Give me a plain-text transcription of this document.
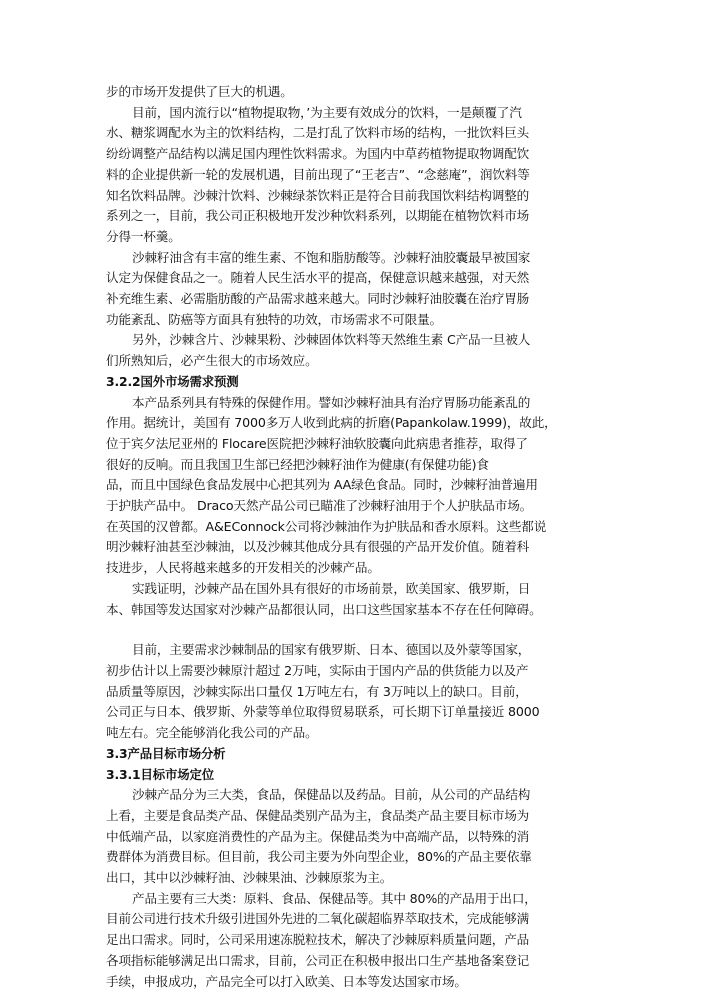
步的市场开发提供了巨大的机遇。
目前，国内流行以“植物提取物，’为主要有效成分的饮料，一是颠覆了汽
水、糖浆调配水为主的饮料结构，二是打乱了饮料市场的结构，一批饮料巨头
纷纷调整产品结构以满足国内理性饮料需求。为国内中草药植物提取物调配饮
料的企业提供新一轮的发展机遇，目前出现了“王老吉”、“念慈庵”，润饮料等
知名饮料品牌。沙棘汁饮料、沙棘绿茶饮料正是符合目前我国饮料结构调整的
系列之一，目前，我公司正积极地开发沙种饮料系列，以期能在植物饮料市场
分得一杯羹。
沙棘籽油含有丰富的维生素、不饱和脂肪酸等。沙棘籽油胶囊最早被国家
认定为保健食品之一。随着人民生活水平的提高，保健意识越来越强，对天然
补充维生素、必需脂肪酸的产品需求越来越大。同时沙棘籽油胶囊在治疗胃肠
功能紊乱、防癌等方面具有独特的功效，市场需求不可限量。
另外，沙棘含片、沙棘果粉、沙棘固体饮料等天然维生素 C产品一旦被人
们所熟知后，必产生很大的市场效应。
3.2.2国外市场需求预测
本产品系列具有特殊的保健作用。譬如沙棘籽油具有治疗胃肠功能紊乱的
作用。据统计，美国有 7000多万人收到此病的折磨(Papankolaw.1999)，故此，
位于宾夕法尼亚州的 Flocare医院把沙棘籽油软胶囊向此病患者推荐，取得了
很好的反响。而且我国卫生部已经把沙棘籽油作为健康(有保健功能)食
品，而且中国绿色食品发展中心把其列为 AA绿色食品。同时，沙棘籽油普遍用
于护肤产品中。 Draco天然产品公司已瞄准了沙棘籽油用于个人护肤品市场。
在英国的汉曾都。A&EConnock公司将沙棘油作为护肤品和香水原料。这些都说
明沙棘籽油甚至沙棘油，以及沙棘其他成分具有很强的产品开发价值。随着科
技进步，人民将越来越多的开发相关的沙棘产品。
实践证明，沙棘产品在国外具有很好的市场前景，欧美国家、俄罗斯，日
本、韩国等发达国家对沙棘产品都很认同，出口这些国家基本不存在任何障碍。
目前，主要需求沙棘制品的国家有俄罗斯、日本、德国以及外蒙等国家，
初步估计以上需要沙棘原汁超过 2万吨，实际由于国内产品的供货能力以及产
品质量等原因，沙棘实际出口量仅 1万吨左右，有 3万吨以上的缺口。目前，
公司正与日本、俄罗斯、外蒙等单位取得贸易联系，可长期下订单量接近 8000
吨左右。完全能够消化我公司的产品。
3.3产品目标市场分析
3.3.1目标市场定位
沙棘产品分为三大类，食品，保健品以及药品。目前，从公司的产品结构
上看，主要是食品类产品、保健品类别产品为主，食品类产品主要目标市场为
中低端产品，以家庭消费性的产品为主。保健品类为中高端产品，以特殊的消
费群体为消费目标。但目前，我公司主要为外向型企业，80%的产品主要依靠
出口，其中以沙棘籽油、沙棘果油、沙棘原浆为主。
产品主要有三大类：原料、食品、保健品等。其中 80%的产品用于出口，
目前公司进行技术升级引进国外先进的二氧化碳超临界萃取技术，完成能够满
足出口需求。同时，公司采用速冻脱粒技术，解决了沙棘原料质量问题，产品
各项指标能够满足出口需求，目前，公司正在积极申报出口生产基地备案登记
手续，申报成功，产品完全可以打入欧美、日本等发达国家市场。
